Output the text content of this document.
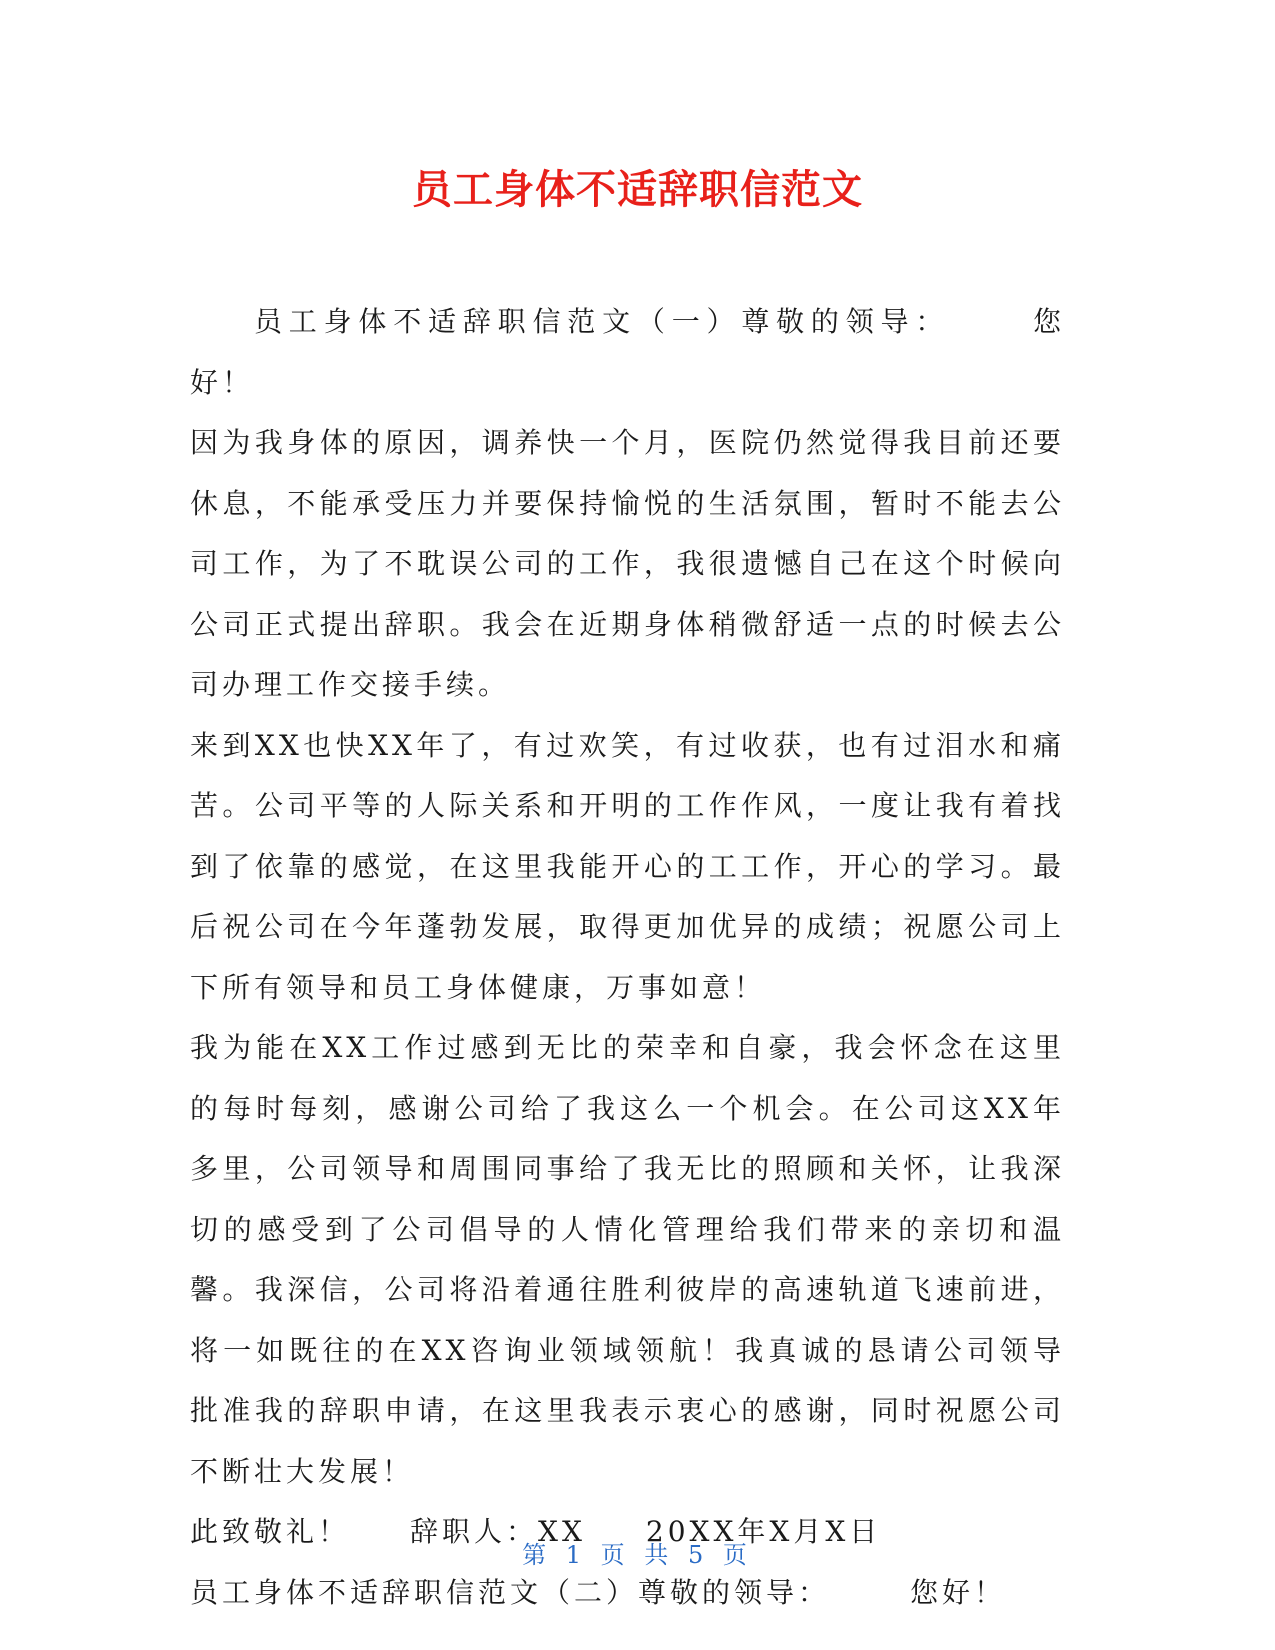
员工身体不适辞职信范文

员工身体不适辞职信范文（一）尊敬的领导：	您好！

因为我身体的原因，调养快一个月，医院仍然觉得我目前还要休息，不能承受压力并要保持愉悦的生活氛围，暂时不能去公司工作，为了不耽误公司的工作，我很遗憾自己在这个时候向公司正式提出辞职。我会在近期身体稍微舒适一点的时候去公司办理工作交接手续。

来到XX也快XX年了，有过欢笑，有过收获，也有过泪水和痛苦。公司平等的人际关系和开明的工作作风，一度让我有着找到了依靠的感觉，在这里我能开心的工工作，开心的学习。最后祝公司在今年蓬勃发展，取得更加优异的成绩；祝愿公司上下所有领导和员工身体健康，万事如意！

我为能在XX工作过感到无比的荣幸和自豪，我会怀念在这里的每时每刻，感谢公司给了我这么一个机会。在公司这XX年多里，公司领导和周围同事给了我无比的照顾和关怀，让我深切的感受到了公司倡导的人情化管理给我们带来的亲切和温馨。我深信，公司将沿着通往胜利彼岸的高速轨道飞速前进，将一如既往的在XX咨询业领域领航！我真诚的恳请公司领导批准我的辞职申请，在这里我表示衷心的感谢，同时祝愿公司不断壮大发展！

此致敬礼！ 辞职人：XX 20XX年X月X日

员工身体不适辞职信范文（二）尊敬的领导：	您好！

第 1 页 共 5 页
